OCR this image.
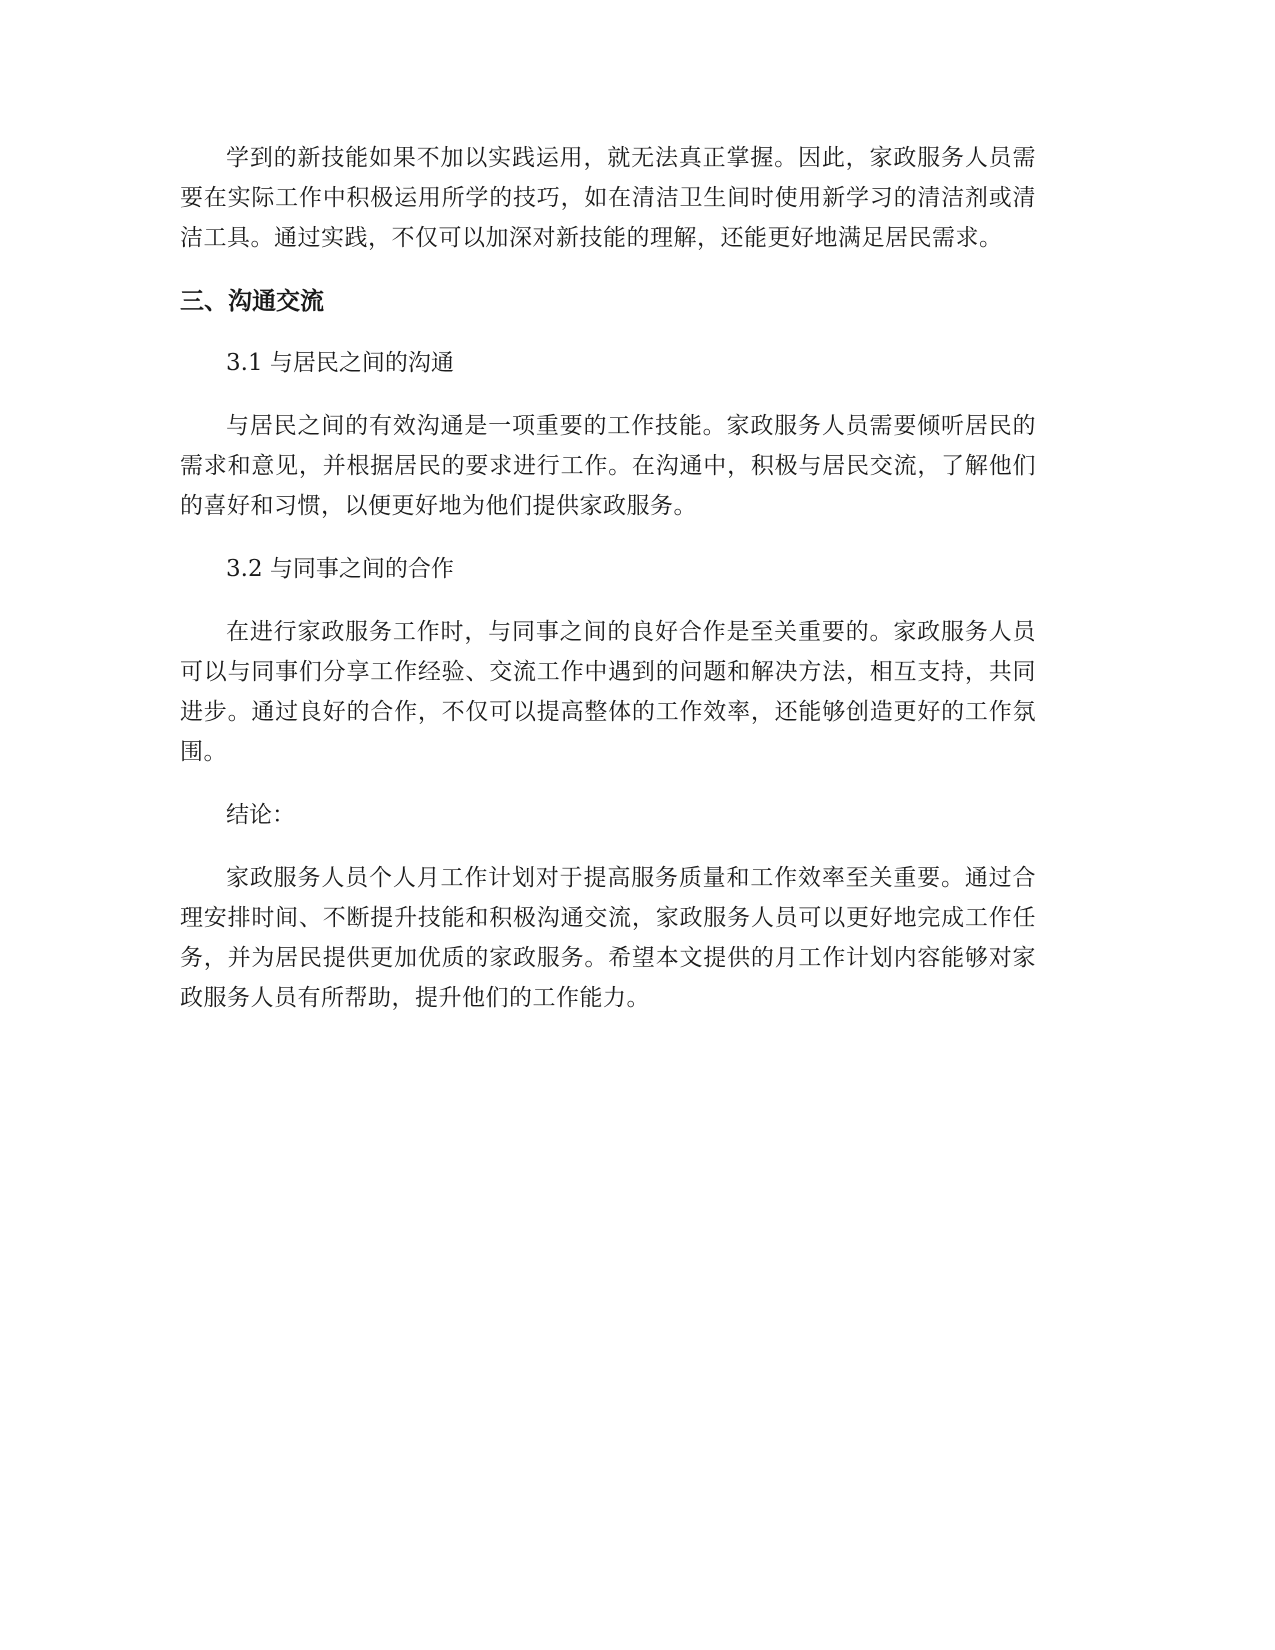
学到的新技能如果不加以实践运用，就无法真正掌握。因此，家政服务人员需要在实际工作中积极运用所学的技巧，如在清洁卫生间时使用新学习的清洁剂或清洁工具。通过实践，不仅可以加深对新技能的理解，还能更好地满足居民需求。

三、沟通交流

3.1 与居民之间的沟通

与居民之间的有效沟通是一项重要的工作技能。家政服务人员需要倾听居民的需求和意见，并根据居民的要求进行工作。在沟通中，积极与居民交流，了解他们的喜好和习惯，以便更好地为他们提供家政服务。

3.2 与同事之间的合作

在进行家政服务工作时，与同事之间的良好合作是至关重要的。家政服务人员可以与同事们分享工作经验、交流工作中遇到的问题和解决方法，相互支持，共同进步。通过良好的合作，不仅可以提高整体的工作效率，还能够创造更好的工作氛围。

结论：

家政服务人员个人月工作计划对于提高服务质量和工作效率至关重要。通过合理安排时间、不断提升技能和积极沟通交流，家政服务人员可以更好地完成工作任务，并为居民提供更加优质的家政服务。希望本文提供的月工作计划内容能够对家政服务人员有所帮助，提升他们的工作能力。
